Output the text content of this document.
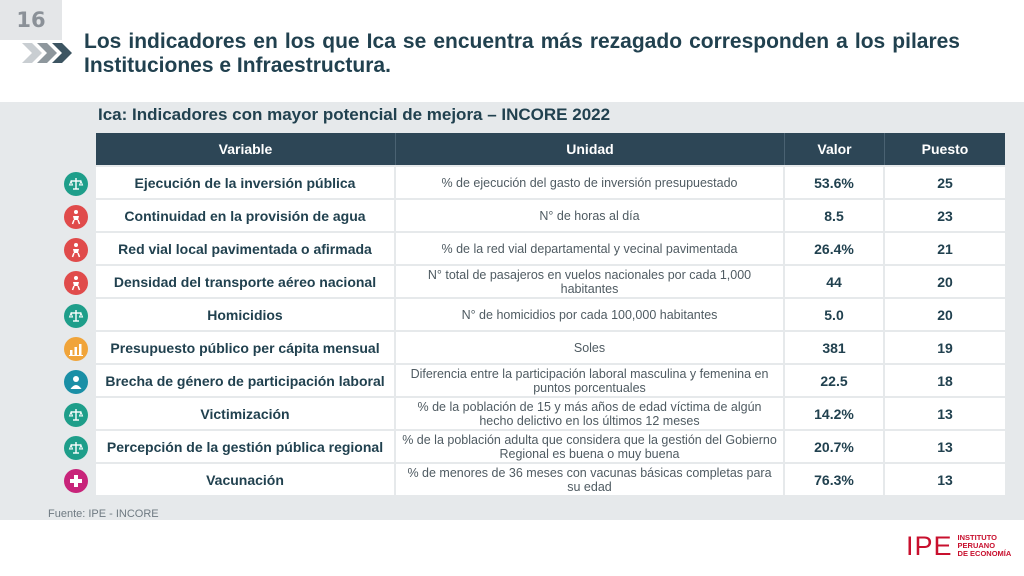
16
Los indicadores en los que Ica se encuentra más rezagado corresponden a los pilares Instituciones e Infraestructura.
Ica: Indicadores con mayor potencial de mejora – INCORE 2022
Variable	Unidad	Valor	Puesto
Ejecución de la inversión pública	% de ejecución del gasto de inversión presupuestado	53.6%	25
Continuidad en la provisión de agua	N° de horas al día	8.5	23
Red vial local pavimentada o afirmada	% de la red vial departamental y vecinal pavimentada	26.4%	21
Densidad del transporte aéreo nacional	N° total de pasajeros en vuelos nacionales por cada 1,000 habitantes	44	20
Homicidios	N° de homicidios por cada 100,000 habitantes	5.0	20
Presupuesto público per cápita mensual	Soles	381	19
Brecha de género de participación laboral	Diferencia entre la participación laboral masculina y femenina en puntos porcentuales	22.5	18
Victimización	% de la población de 15 y más años de edad víctima de algún hecho delictivo en los últimos 12 meses	14.2%	13
Percepción de la gestión pública regional	% de la población adulta que considera que la gestión del Gobierno Regional es buena o muy buena	20.7%	13
Vacunación	% de menores de 36 meses con vacunas básicas completas para su edad	76.3%	13
Fuente: IPE - INCORE
IPE INSTITUTO
PERUANO
DE ECONOMÍA
